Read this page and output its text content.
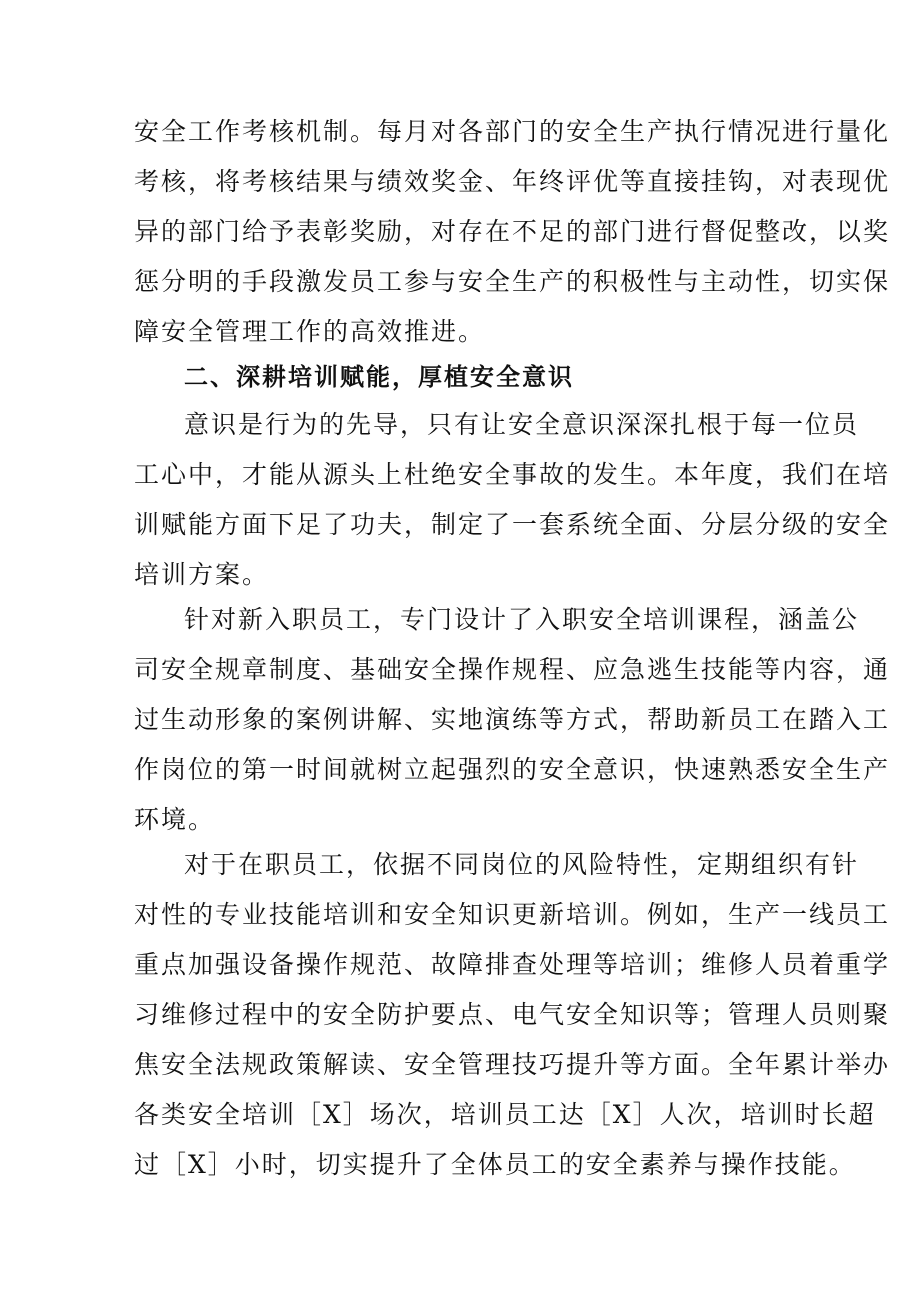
安全工作考核机制。每月对各部门的安全生产执行情况进行量化
考核，将考核结果与绩效奖金、年终评优等直接挂钩，对表现优
异的部门给予表彰奖励，对存在不足的部门进行督促整改，以奖
惩分明的手段激发员工参与安全生产的积极性与主动性，切实保
障安全管理工作的高效推进。
二、深耕培训赋能，厚植安全意识
意识是行为的先导，只有让安全意识深深扎根于每一位员
工心中，才能从源头上杜绝安全事故的发生。本年度，我们在培
训赋能方面下足了功夫，制定了一套系统全面、分层分级的安全
培训方案。
针对新入职员工，专门设计了入职安全培训课程，涵盖公
司安全规章制度、基础安全操作规程、应急逃生技能等内容，通
过生动形象的案例讲解、实地演练等方式，帮助新员工在踏入工
作岗位的第一时间就树立起强烈的安全意识，快速熟悉安全生产
环境。
对于在职员工，依据不同岗位的风险特性，定期组织有针
对性的专业技能培训和安全知识更新培训。例如，生产一线员工
重点加强设备操作规范、故障排查处理等培训；维修人员着重学
习维修过程中的安全防护要点、电气安全知识等；管理人员则聚
焦安全法规政策解读、安全管理技巧提升等方面。全年累计举办
各类安全培训［X］场次，培训员工达［X］人次，培训时长超
过［X］小时，切实提升了全体员工的安全素养与操作技能。
